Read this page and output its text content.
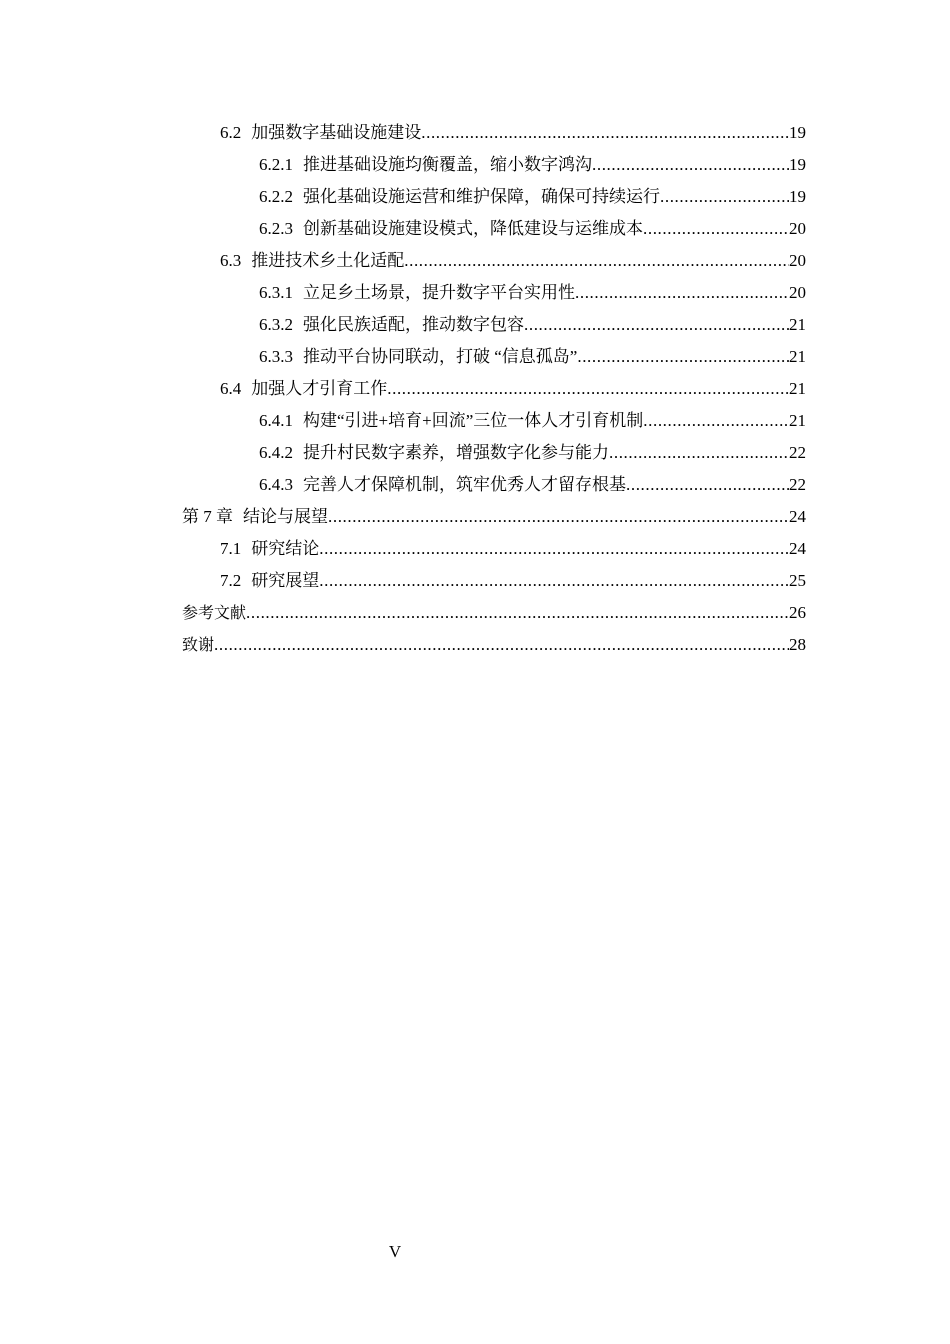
6.2 加强数字基础设施建设 .....	19
6.2.1 推进基础设施均衡覆盖，缩小数字鸿沟 .....	19
6.2.2 强化基础设施运营和维护保障，确保可持续运行 .....	19
6.2.3 创新基础设施建设模式，降低建设与运维成本 .....	20
6.3 推进技术乡土化适配 .....	20
6.3.1 立足乡土场景，提升数字平台实用性 .....	20
6.3.2 强化民族适配，推动数字包容 .....	21
6.3.3 推动平台协同联动，打破 “信息孤岛” .....	21
6.4 加强人才引育工作 .....	21
6.4.1 构建“引进+培育+回流”三位一体人才引育机制 .....	21
6.4.2 提升村民数字素养，增强数字化参与能力 .....	22
6.4.3 完善人才保障机制，筑牢优秀人才留存根基 .....	22
第 7 章 结论与展望 .....	24
7.1 研究结论 .....	24
7.2 研究展望 .....	25
参考文献 .....	26
致谢 .....	28
V
